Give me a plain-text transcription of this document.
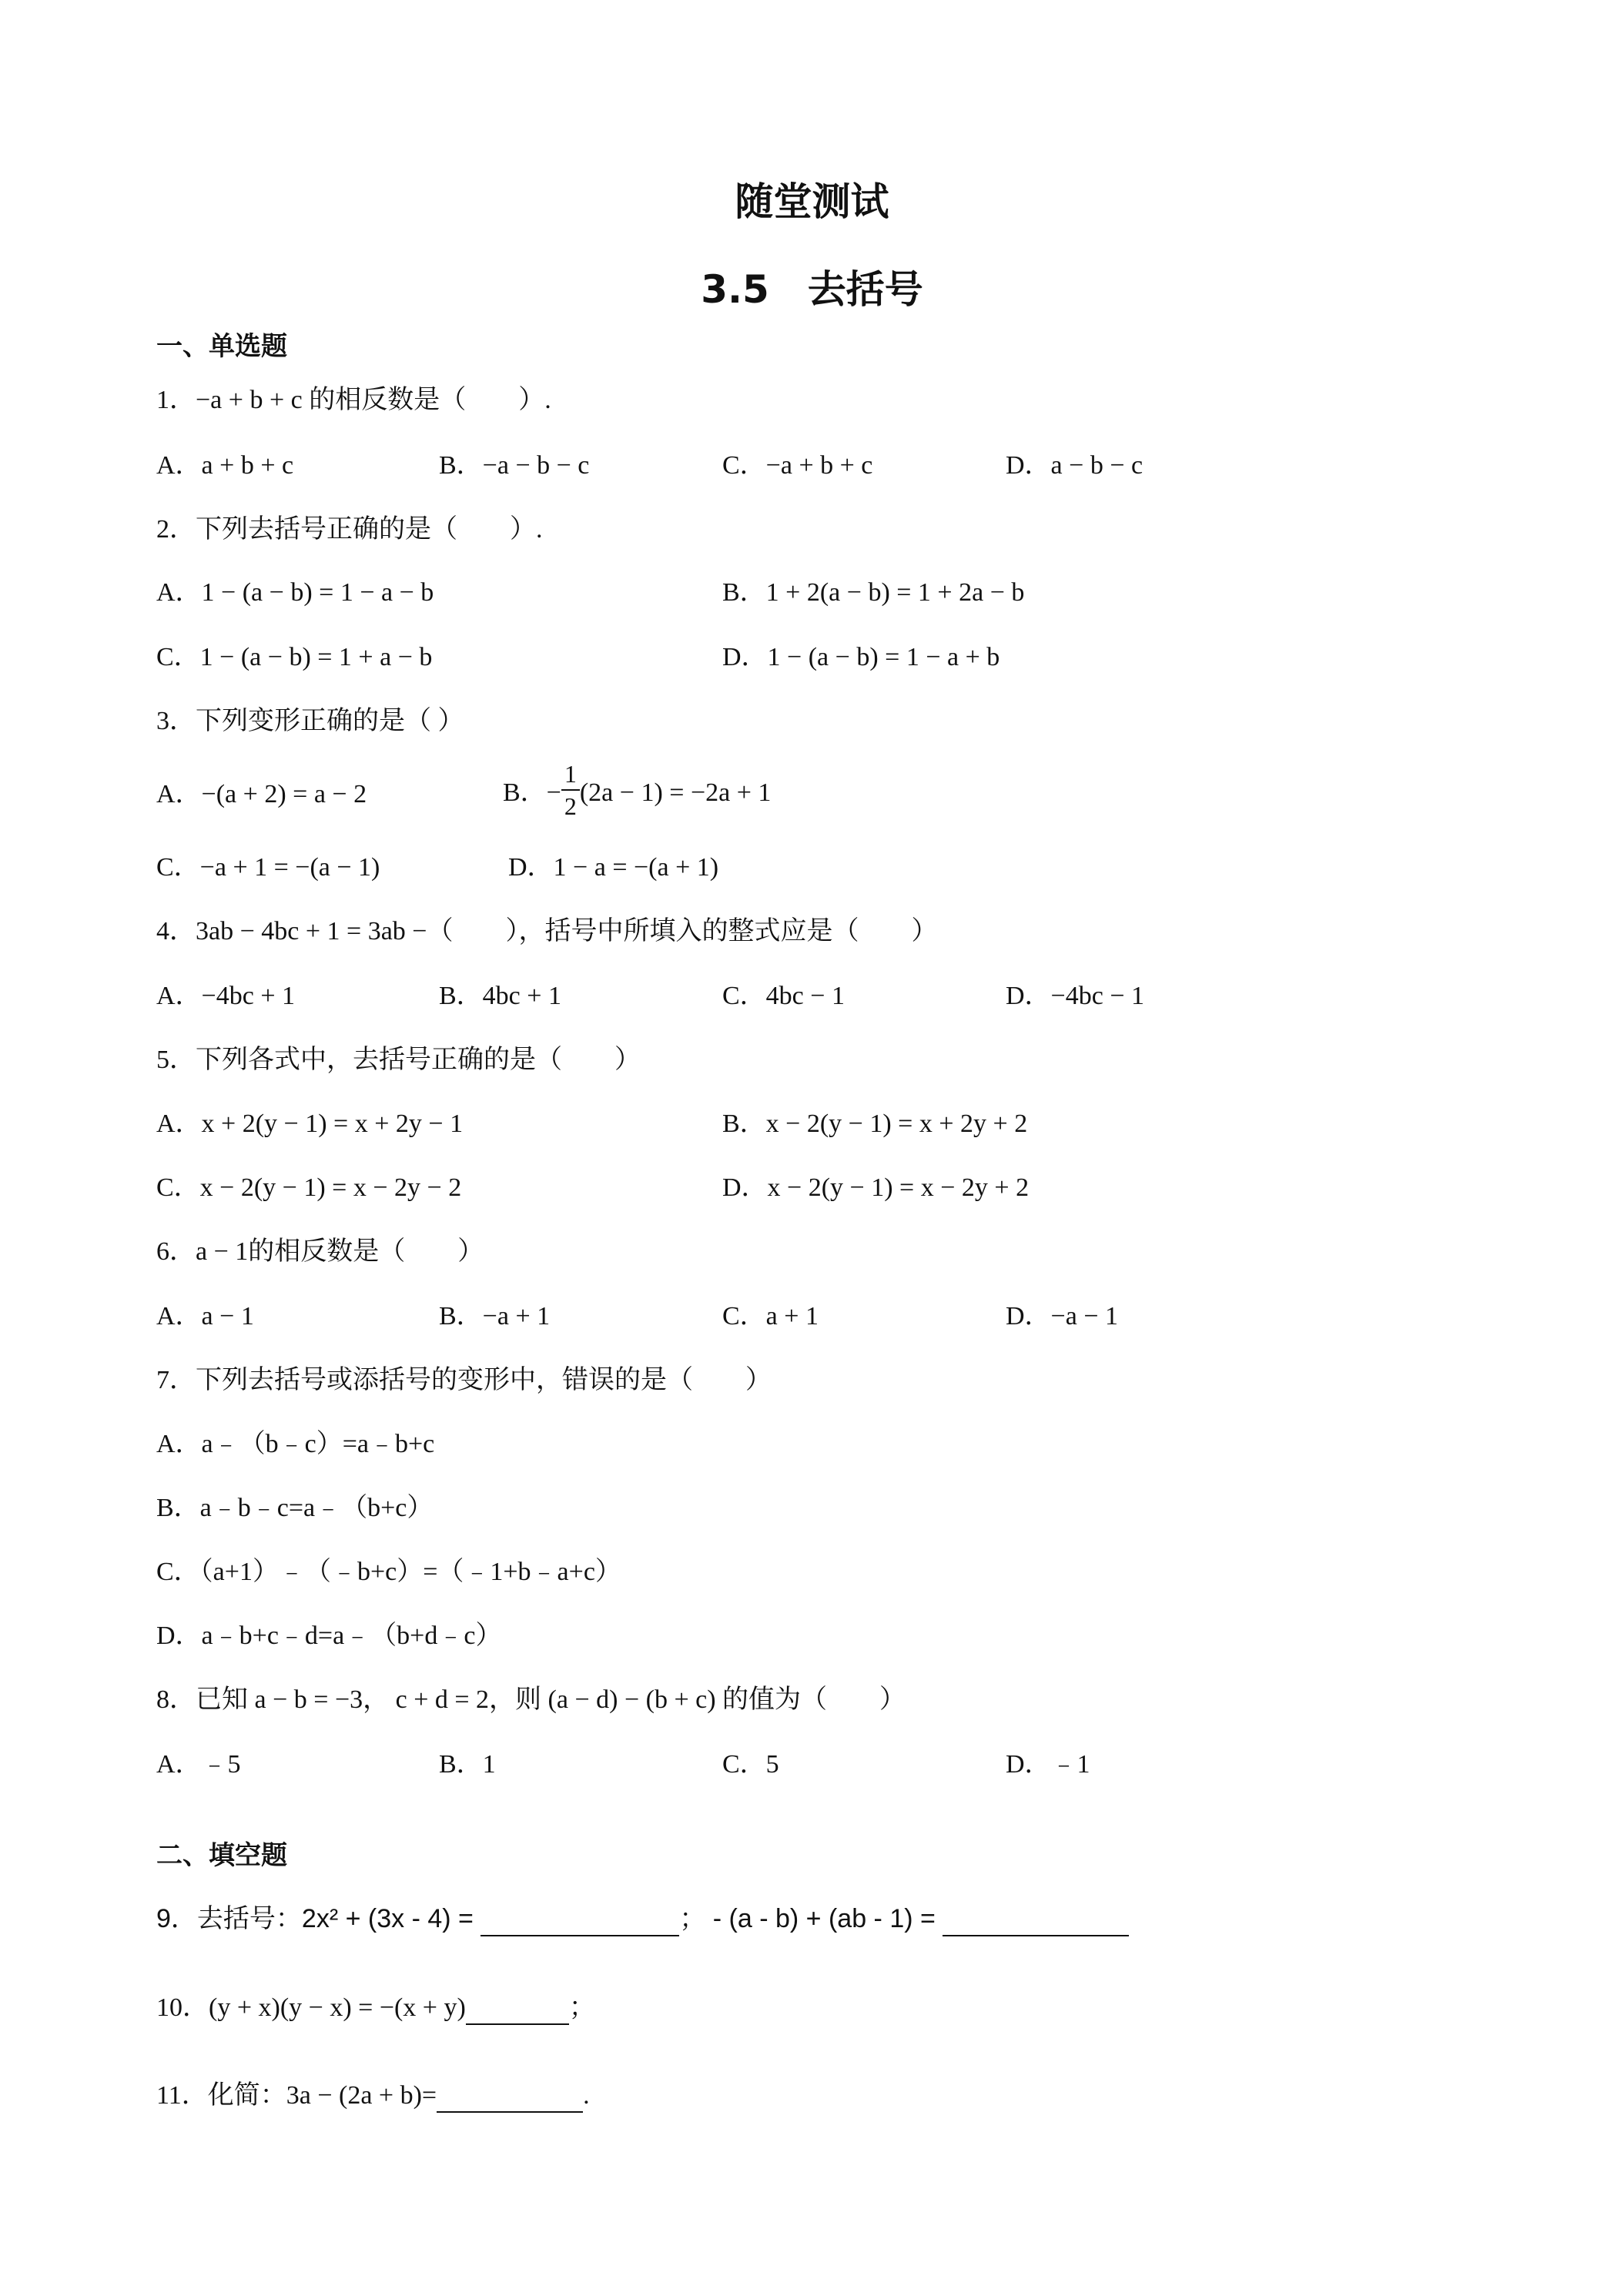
随堂测试
3.5　去括号
一、单选题
1．−a + b + c 的相反数是（　　）.
A．a + b + c	B．−a − b − c	C．−a + b + c	D．a − b − c
2．下列去括号正确的是（　　）.
A．1 − (a − b) = 1 − a − b	B．1 + 2(a − b) = 1 + 2a − b
C．1 − (a − b) = 1 + a − b	D．1 − (a − b) = 1 − a + b
3．下列变形正确的是（ ）
A．−(a + 2) = a − 2	B．− $\frac{1}{2} (2a - 1) = -2a + 1$
C．−a + 1 = −(a − 1)	D．1 − a = −(a + 1)
4．3ab − 4bc + 1 = 3ab −（　　），括号中所填入的整式应是（　　）
A．−4bc + 1	B．4bc + 1	C．4bc − 1	D．−4bc − 1
5．下列各式中，去括号正确的是（　　）
A．x + 2(y − 1) = x + 2y − 1	B．x − 2(y − 1) = x + 2y + 2
C．x − 2(y − 1) = x − 2y − 2	D．x − 2(y − 1) = x − 2y + 2
6．a − 1的相反数是（　　）
A．a − 1	B．−a + 1	C．a + 1	D．−a − 1
7．下列去括号或添括号的变形中，错误的是（　　）
A．a﹣（b﹣c）=a﹣b+c
B．a﹣b﹣c=a﹣（b+c）
C．（a+1）﹣（﹣b+c）=（﹣1+b﹣a+c）
D．a﹣b+c﹣d=a﹣（b+d﹣c）
8．已知 a − b = −3， c + d = 2，则 (a − d) − (b + c) 的值为（　　）
A．﹣5	B．1	C．5	D．﹣1
二、填空题
9．去括号：2x² + (3x - 4) =	； - (a - b) + (ab - 1) =
10．(y + x)(y − x) = −(x + y)	；
11．化简：3a − (2a + b)=	.
